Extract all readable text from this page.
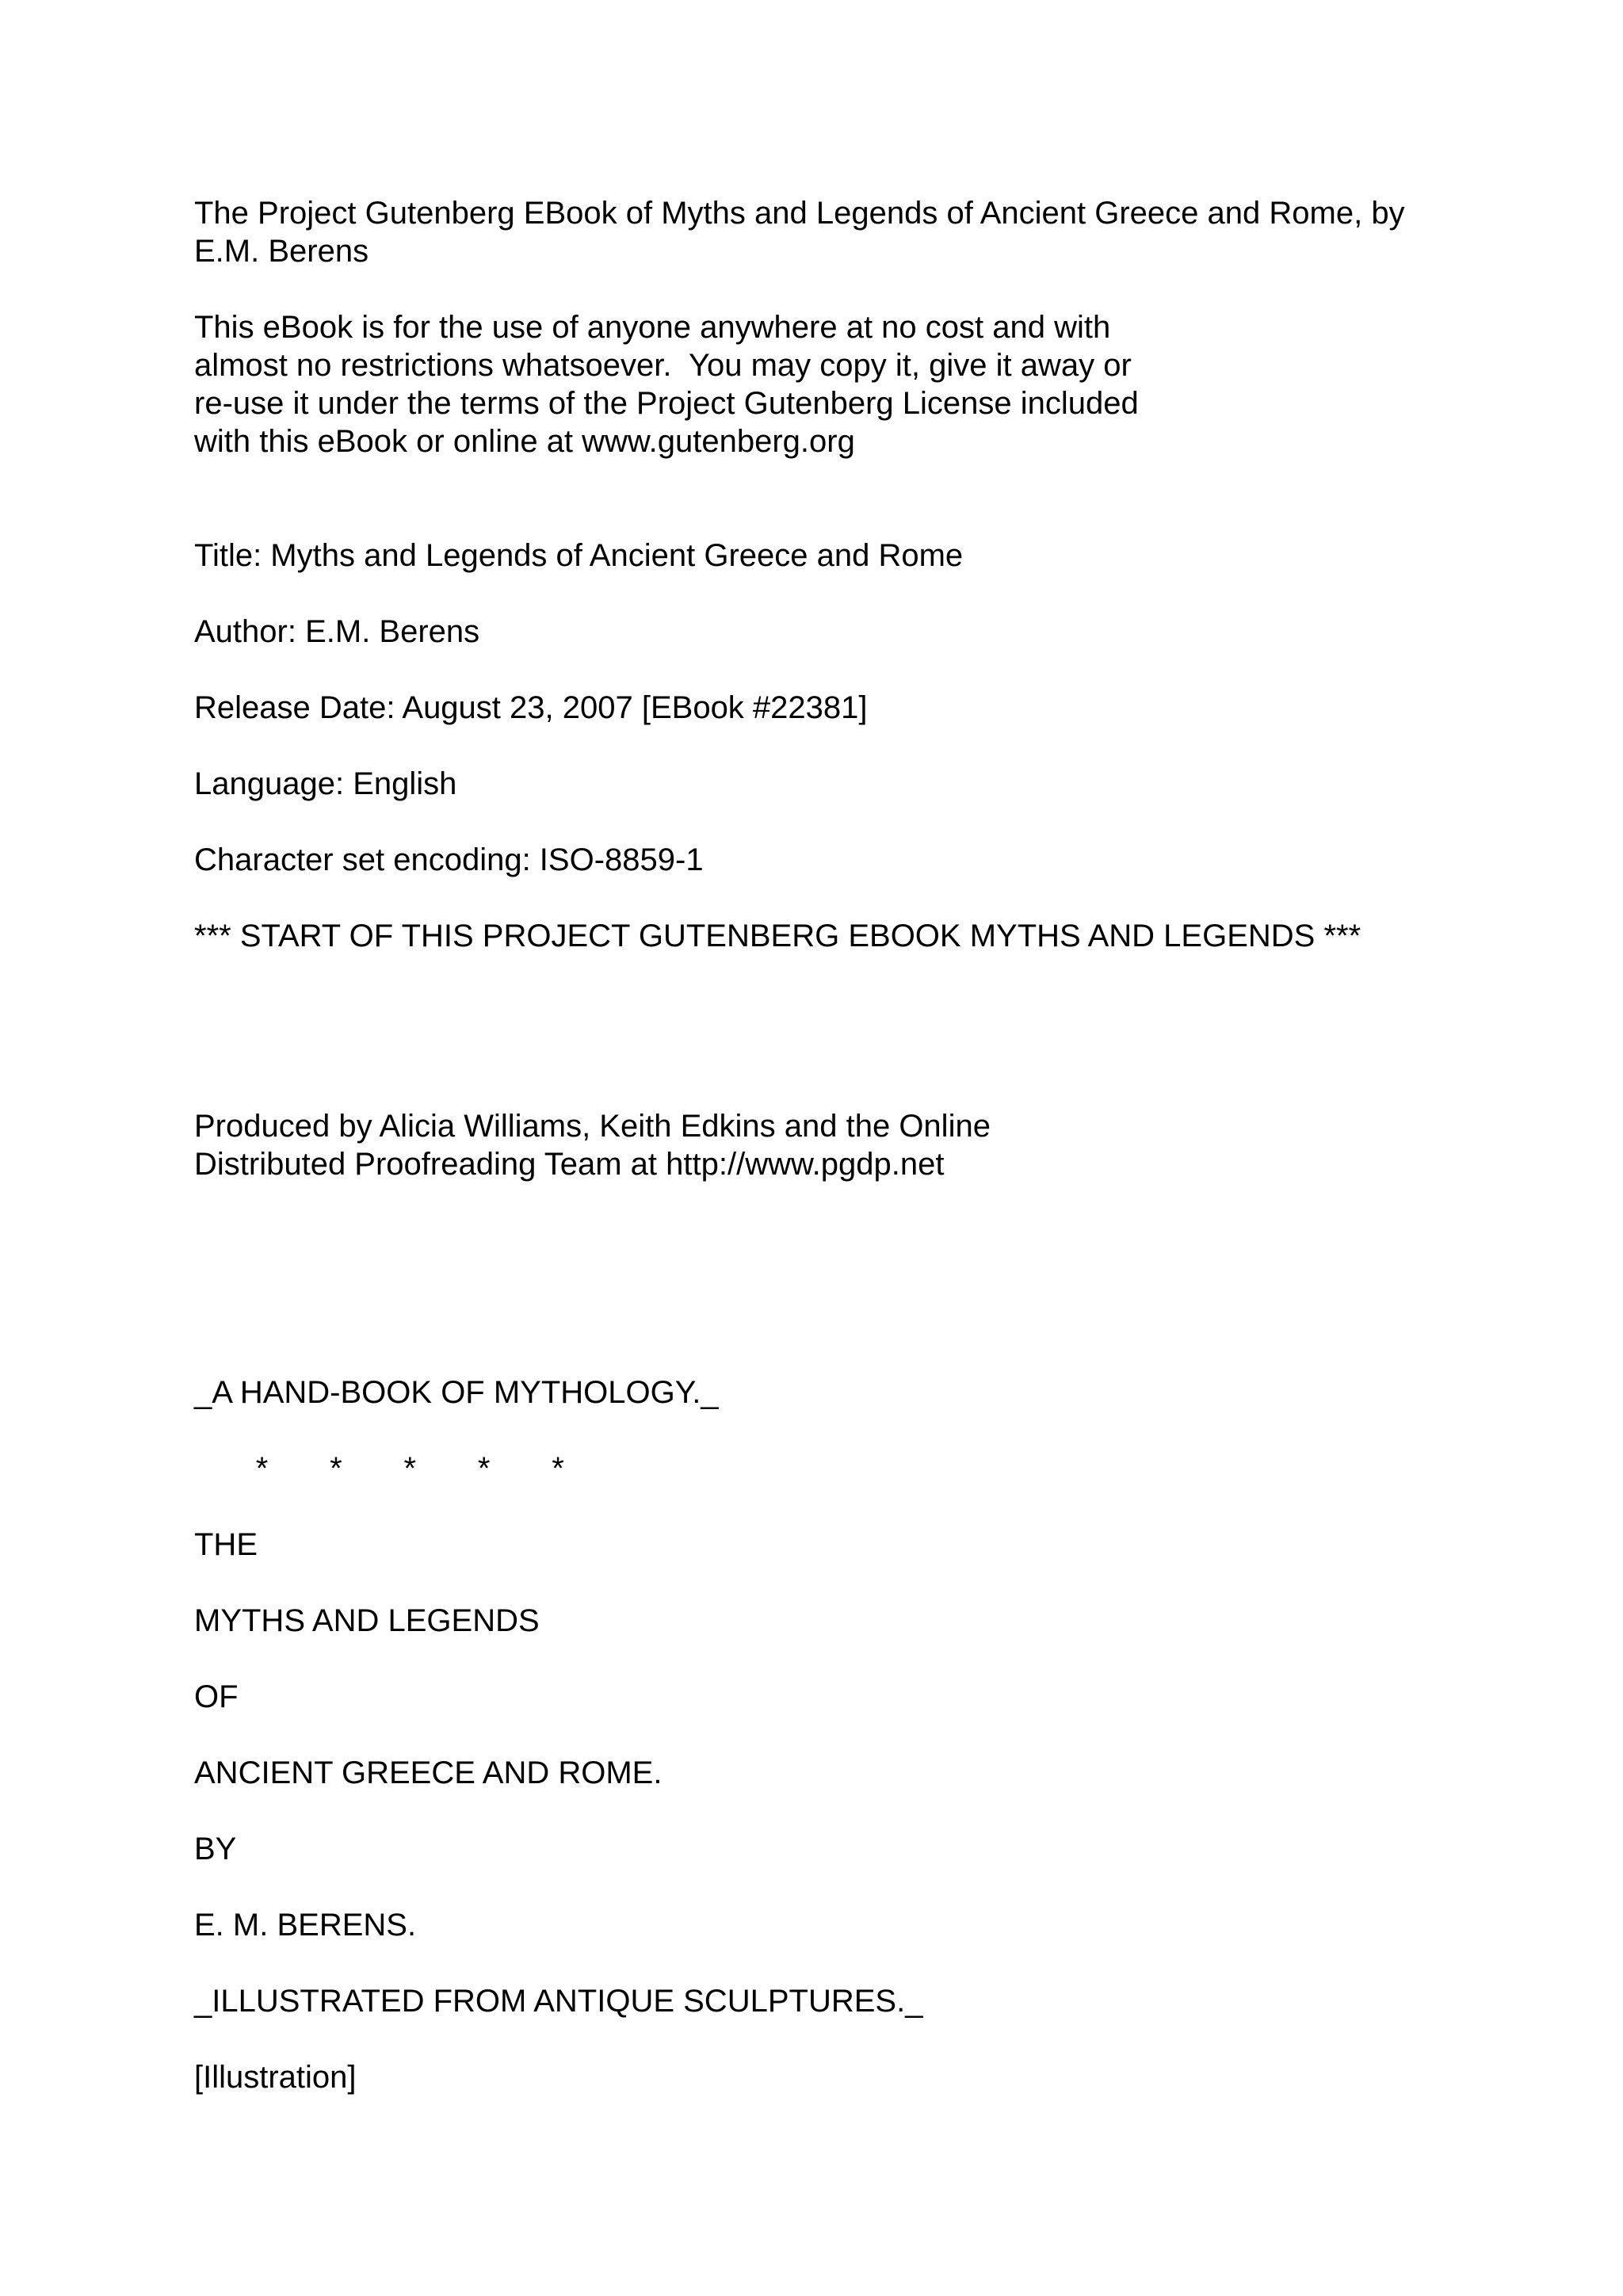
The Project Gutenberg EBook of Myths and Legends of Ancient Greece and Rome, by
E.M. Berens
This eBook is for the use of anyone anywhere at no cost and with
almost no restrictions whatsoever.  You may copy it, give it away or
re-use it under the terms of the Project Gutenberg License included
with this eBook or online at www.gutenberg.org
Title: Myths and Legends of Ancient Greece and Rome
Author: E.M. Berens
Release Date: August 23, 2007 [EBook #22381]
Language: English
Character set encoding: ISO-8859-1
*** START OF THIS PROJECT GUTENBERG EBOOK MYTHS AND LEGENDS ***
Produced by Alicia Williams, Keith Edkins and the Online
Distributed Proofreading Team at http://www.pgdp.net
_A HAND-BOOK OF MYTHOLOGY._
*       *       *       *       *
THE
MYTHS AND LEGENDS
OF
ANCIENT GREECE AND ROME.
BY
E. M. BERENS.
_ILLUSTRATED FROM ANTIQUE SCULPTURES._
[Illustration]
